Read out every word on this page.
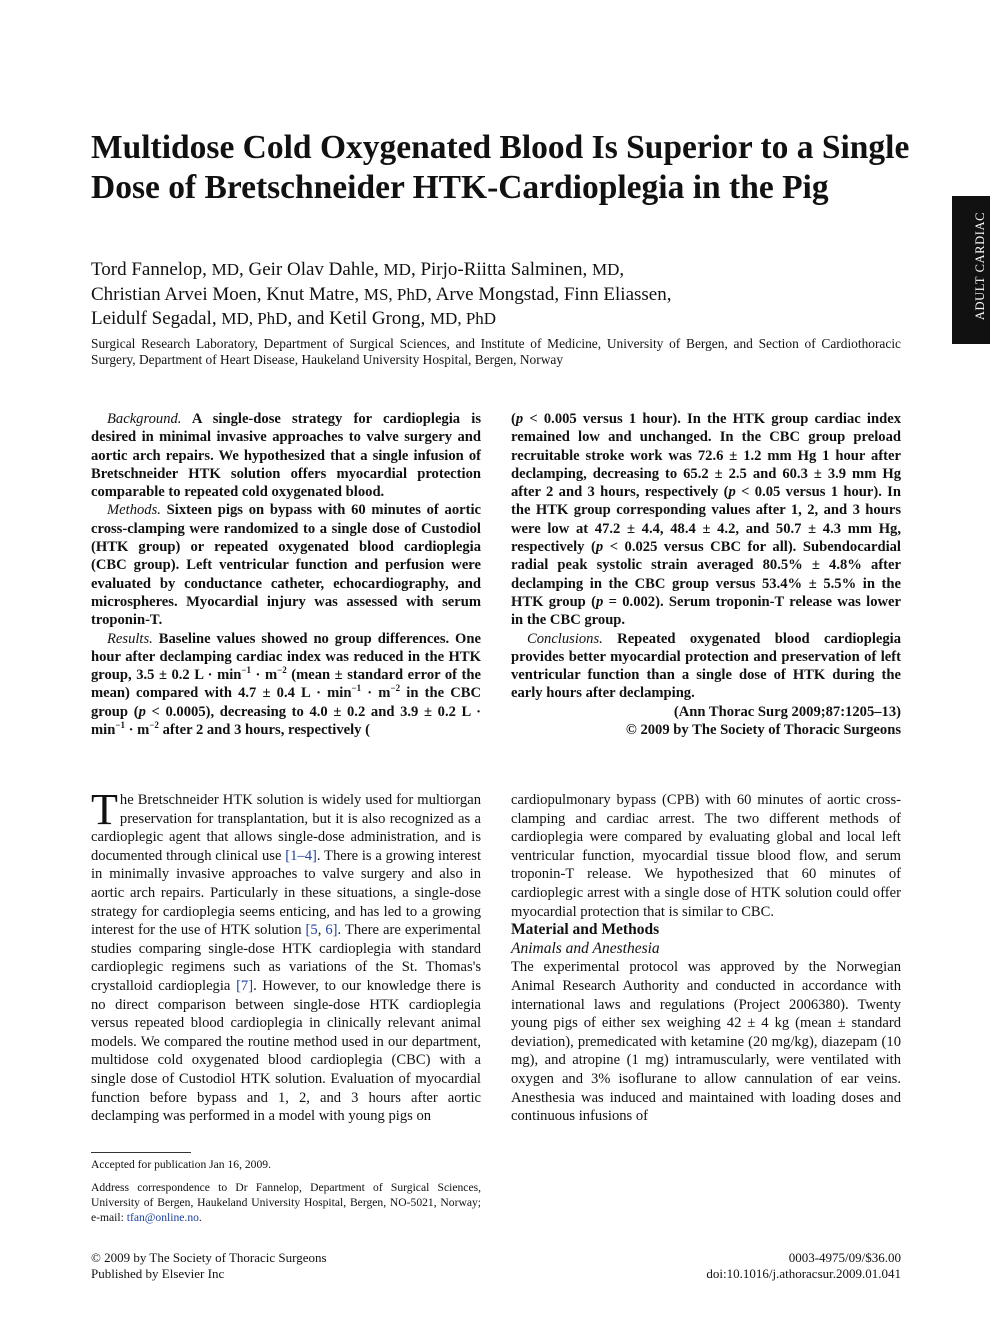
ADULT CARDIAC
Multidose Cold Oxygenated Blood Is Superior to a Single Dose of Bretschneider HTK-Cardioplegia in the Pig
Tord Fannelop, MD, Geir Olav Dahle, MD, Pirjo-Riitta Salminen, MD,
Christian Arvei Moen, Knut Matre, MS, PhD, Arve Mongstad, Finn Eliassen,
Leidulf Segadal, MD, PhD, and Ketil Grong, MD, PhD
Surgical Research Laboratory, Department of Surgical Sciences, and Institute of Medicine, University of Bergen, and Section of Cardiothoracic Surgery, Department of Heart Disease, Haukeland University Hospital, Bergen, Norway

Background. A single-dose strategy for cardioplegia is desired in minimal invasive approaches to valve surgery and aortic arch repairs. We hypothesized that a single infusion of Bretschneider HTK solution offers myocardial protection comparable to repeated cold oxygenated blood.

Methods. Sixteen pigs on bypass with 60 minutes of aortic cross-clamping were randomized to a single dose of Custodiol (HTK group) or repeated oxygenated blood cardioplegia (CBC group). Left ventricular function and perfusion were evaluated by conductance catheter, echocardiography, and microspheres. Myocardial injury was assessed with serum troponin-T.

Results. Baseline values showed no group differences. One hour after declamping cardiac index was reduced in the HTK group, 3.5 ± 0.2 $L \cdot \min^{-1} \cdot m^{-2}$ (mean ± standard error of the mean) compared with 4.7 ± 0.4 $L \cdot \min^{-1} \cdot m^{-2}$ in the CBC group (p < 0.0005), decreasing to 4.0 ± 0.2 and 3.9 ± 0.2 $L \cdot \min^{-1} \cdot m^{-2}$ after 2 and 3 hours, respectively (

(p < 0.005 versus 1 hour). In the HTK group cardiac index remained low and unchanged. In the CBC group preload recruitable stroke work was 72.6 ± 1.2 mm Hg 1 hour after declamping, decreasing to 65.2 ± 2.5 and 60.3 ± 3.9 mm Hg after 2 and 3 hours, respectively (p < 0.05 versus 1 hour). In the HTK group corresponding values after 1, 2, and 3 hours were low at 47.2 ± 4.4, 48.4 ± 4.2, and 50.7 ± 4.3 mm Hg, respectively (p < 0.025 versus CBC for all). Subendocardial radial peak systolic strain averaged 80.5% ± 4.8% after declamping in the CBC group versus 53.4% ± 5.5% in the HTK group (p = 0.002). Serum troponin-T release was lower in the CBC group.

Conclusions. Repeated oxygenated blood cardioplegia provides better myocardial protection and preservation of left ventricular function than a single dose of HTK during the early hours after declamping.

(Ann Thorac Surg 2009;87:1205–13)

© 2009 by The Society of Thoracic Surgeons

The Bretschneider HTK solution is widely used for multiorgan preservation for transplantation, but it is also recognized as a cardioplegic agent that allows single-dose administration, and is documented through clinical use [1–4]. There is a growing interest in minimally invasive approaches to valve surgery and also in aortic arch repairs. Particularly in these situations, a single-dose strategy for cardioplegia seems enticing, and has led to a growing interest for the use of HTK solution [5, 6]. There are experimental studies comparing single-dose HTK cardioplegia with standard cardioplegic regimens such as variations of the St. Thomas's crystalloid cardioplegia [7]. However, to our knowledge there is no direct comparison between single-dose HTK cardioplegia versus repeated blood cardioplegia in clinically relevant animal models. We compared the routine method used in our department, multidose cold oxygenated blood cardioplegia (CBC) with a single dose of Custodiol HTK solution. Evaluation of myocardial function before bypass and 1, 2, and 3 hours after aortic declamping was performed in a model with young pigs on

cardiopulmonary bypass (CPB) with 60 minutes of aortic cross-clamping and cardiac arrest. The two different methods of cardioplegia were compared by evaluating global and local left ventricular function, myocardial tissue blood flow, and serum troponin-T release. We hypothesized that 60 minutes of cardioplegic arrest with a single dose of HTK solution could offer myocardial protection that is similar to CBC.

Material and Methods

Animals and Anesthesia

The experimental protocol was approved by the Norwegian Animal Research Authority and conducted in accordance with international laws and regulations (Project 2006380). Twenty young pigs of either sex weighing 42 ± 4 kg (mean ± standard deviation), premedicated with ketamine (20 mg/kg), diazepam (10 mg), and atropine (1 mg) intramuscularly, were ventilated with oxygen and 3% isoflurane to allow cannulation of ear veins. Anesthesia was induced and maintained with loading doses and continuous infusions of

Accepted for publication Jan 16, 2009.

Address correspondence to Dr Fannelop, Department of Surgical Sciences, University of Bergen, Haukeland University Hospital, Bergen, NO-5021, Norway; e-mail: tfan@online.no.

© 2009 by The Society of Thoracic Surgeons
Published by Elsevier Inc
0003-4975/09/$36.00
doi:10.1016/j.athoracsur.2009.01.041
